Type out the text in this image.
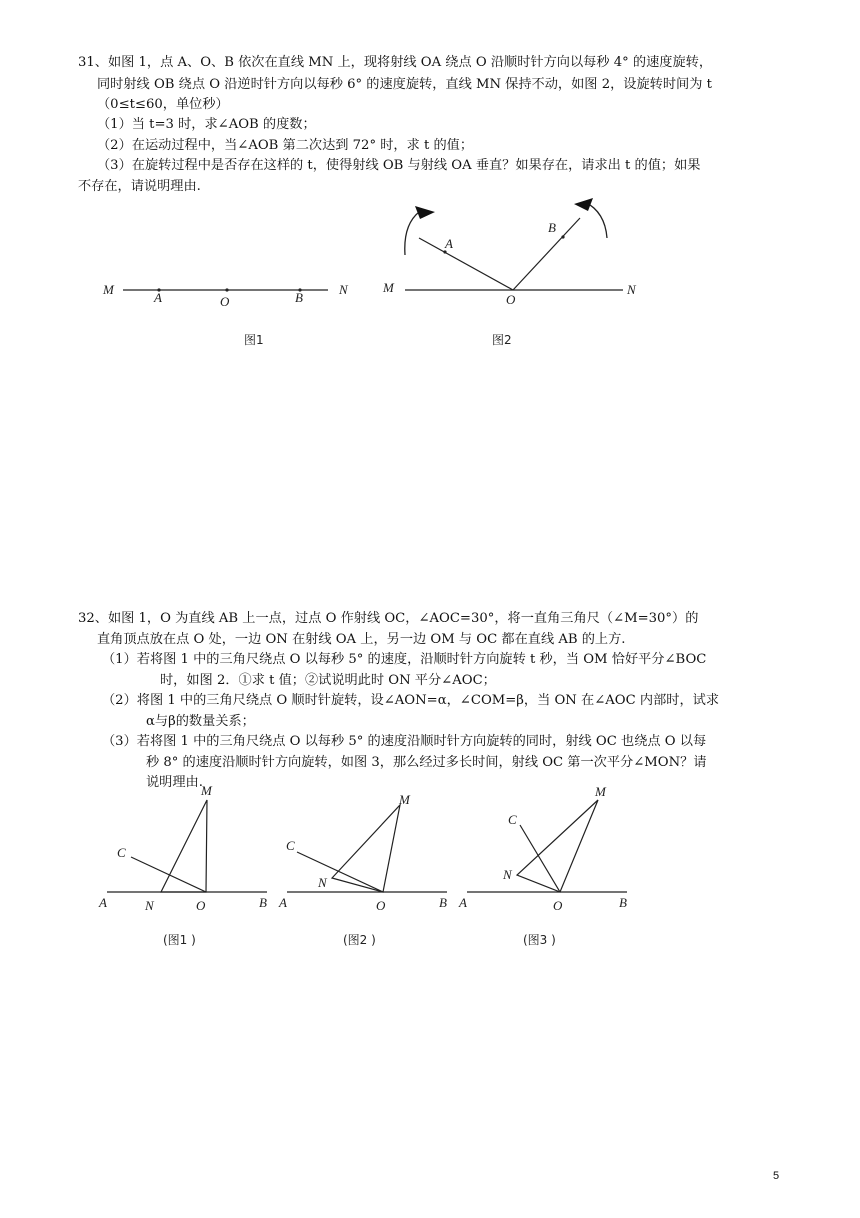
31、如图 1，点 A、O、B 依次在直线 MN 上，现将射线 OA 绕点 O 沿顺时针方向以每秒 4° 的速度旋转，
同时射线 OB 绕点 O 沿逆时针方向以每秒 6° 的速度旋转，直线 MN 保持不动，如图 2，设旋转时间为 t
（0≤t≤60，单位秒）
（1）当 t=3 时，求∠AOB 的度数；
（2）在运动过程中，当∠AOB 第二次达到 72° 时，求 t 的值；
（3）在旋转过程中是否存在这样的 t，使得射线 OB 与射线 OA 垂直？如果存在，请求出 t 的值；如果
不存在，请说明理由.
M
A	O	B
N
图1
M
A
B
O
N
图2
32、如图 1，O 为直线 AB 上一点，过点 O 作射线 OC，∠AOC=30°，将一直角三角尺（∠M=30°）的
直角顶点放在点 O 处，一边 ON 在射线 OA 上，另一边 OM 与 OC 都在直线 AB 的上方.
（1）若将图 1 中的三角尺绕点 O 以每秒 5° 的速度，沿顺时针方向旋转 t 秒，当 OM 恰好平分∠BOC
时，如图 2．①求 t 值；②试说明此时 ON 平分∠AOC；
（2）将图 1 中的三角尺绕点 O 顺时针旋转，设∠AON=α，∠COM=β，当 ON 在∠AOC 内部时，试求
α与β的数量关系；
（3）若将图 1 中的三角尺绕点 O 以每秒 5° 的速度沿顺时针方向旋转的同时，射线 OC 也绕点 O 以每
秒 8° 的速度沿顺时针方向旋转，如图 3，那么经过多长时间，射线 OC 第一次平分∠MON？请
说明理由.
A	N	O	B
M
C
(图1 )
A
N
O	B
M
C
(图2 )
A
N
O	B
M
C
(图3 )
5
